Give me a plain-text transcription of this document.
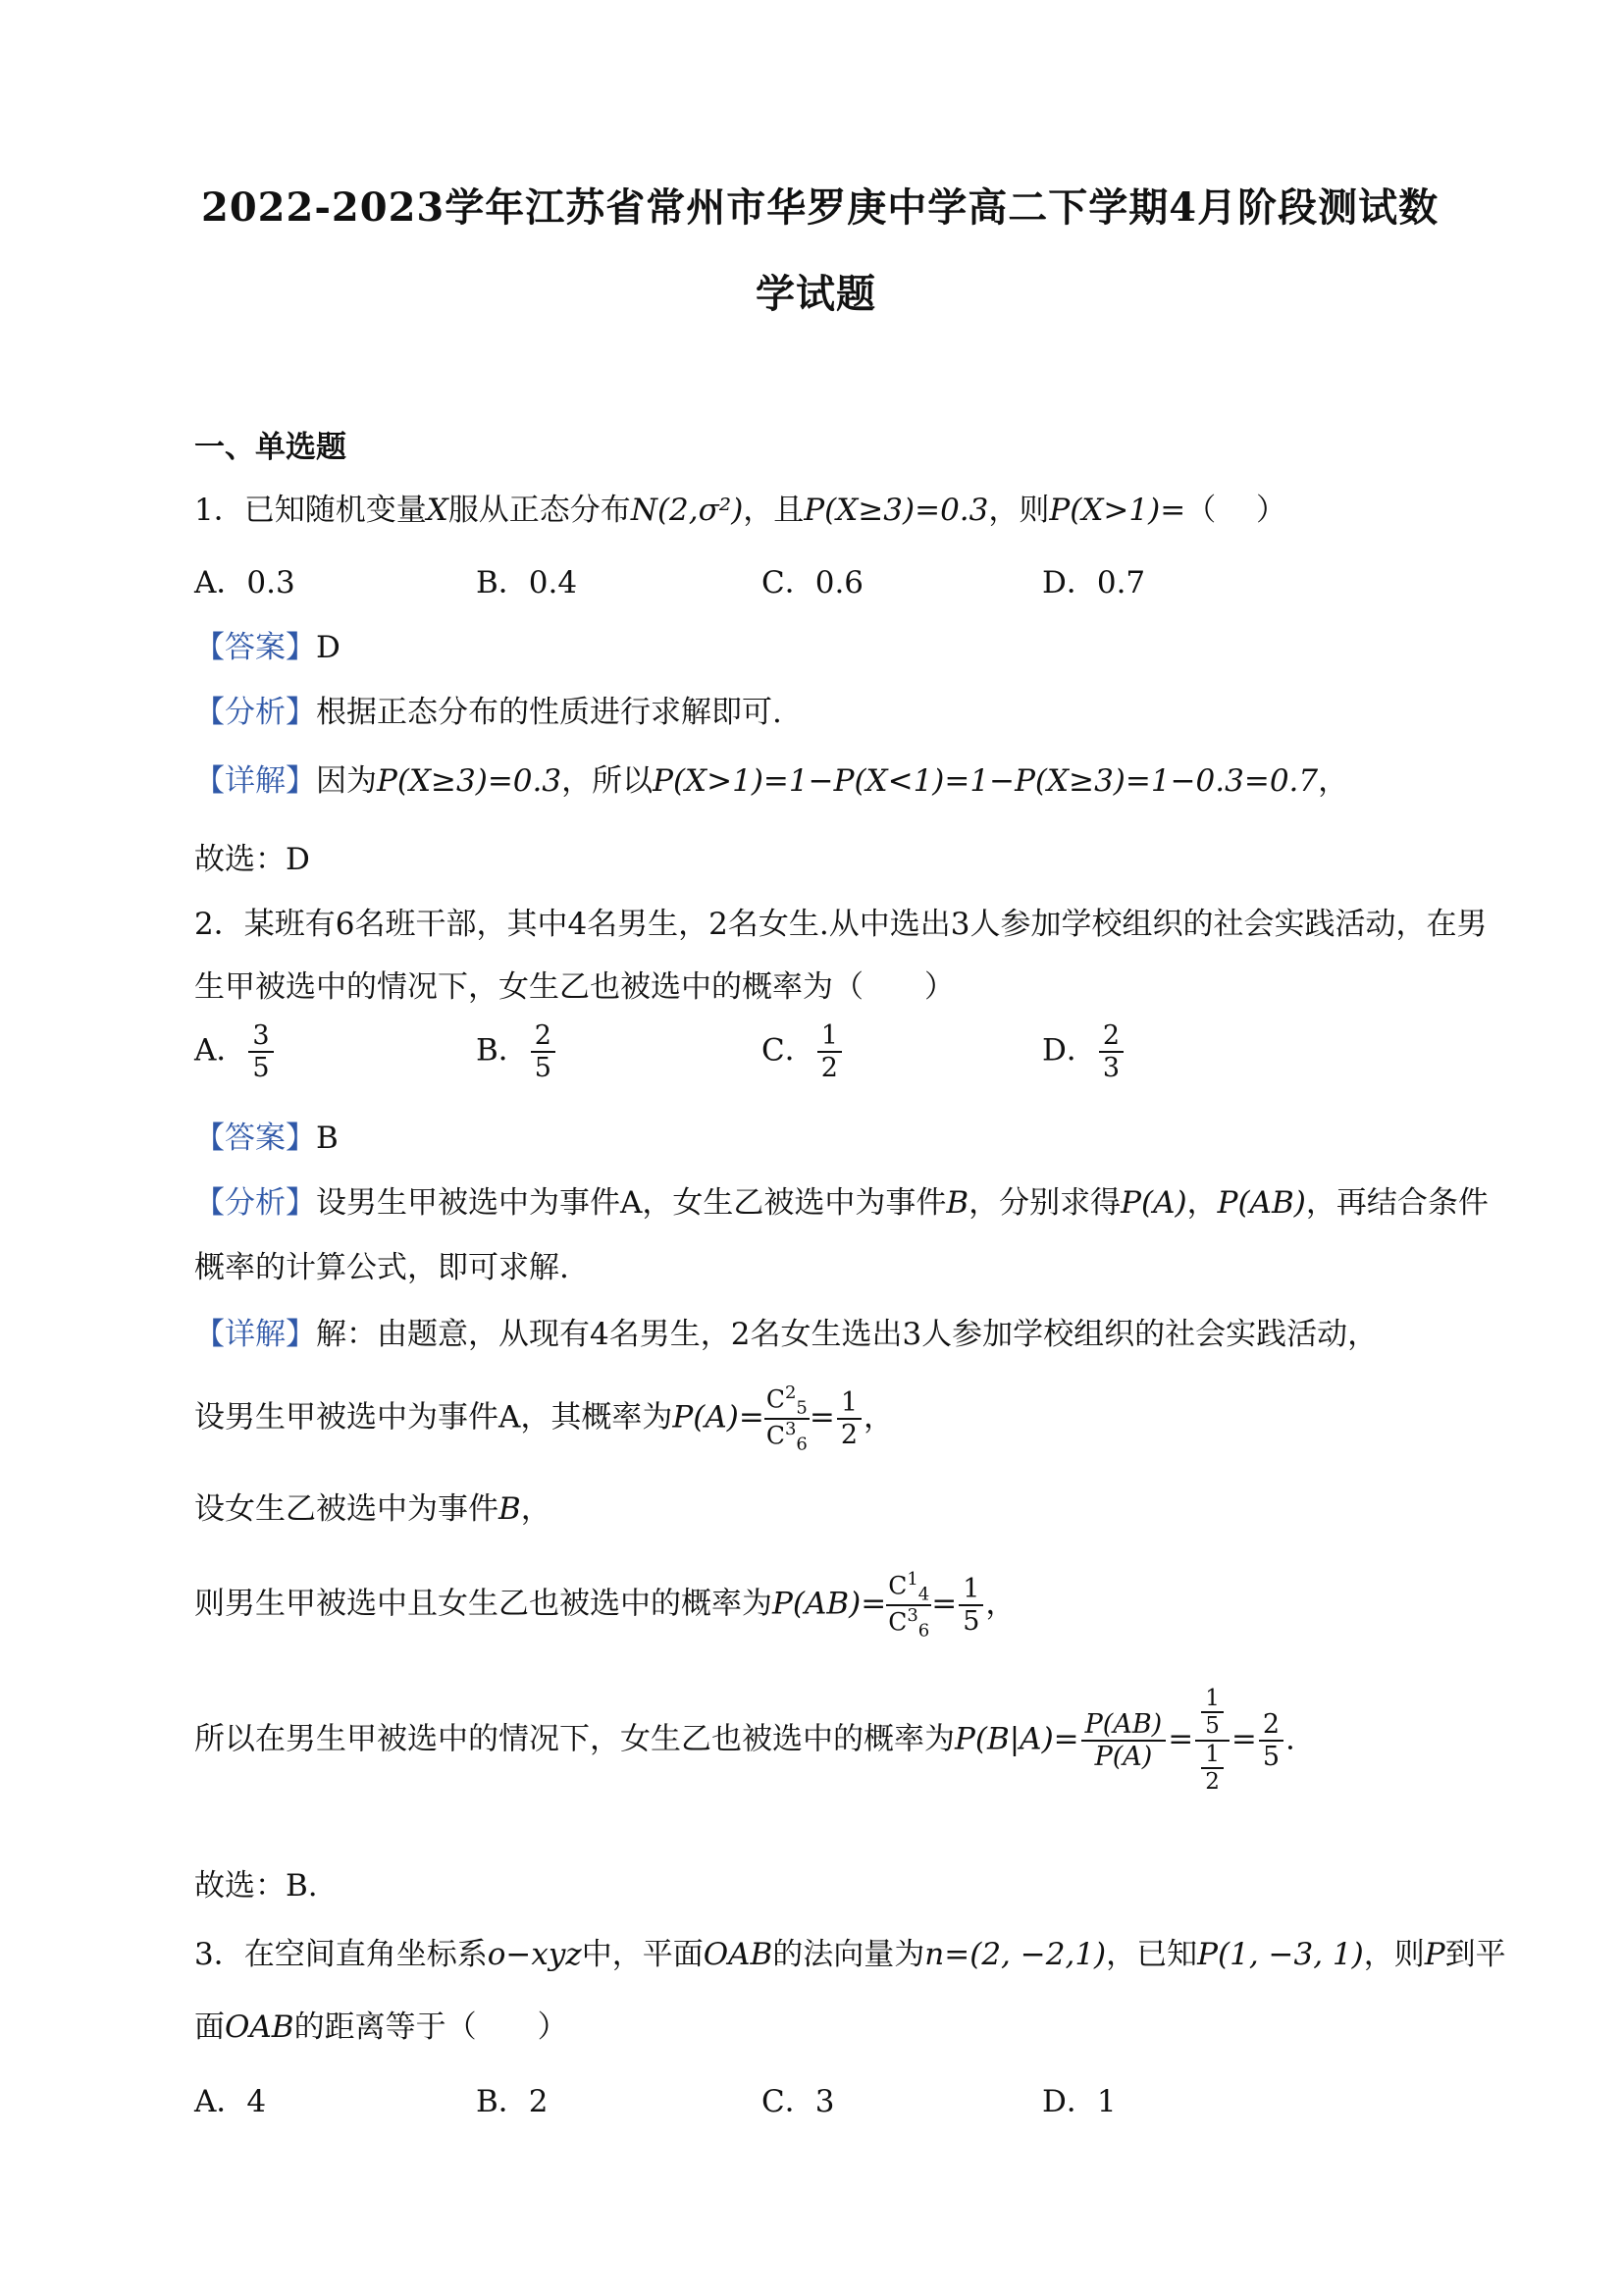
2022-2023学年江苏省常州市华罗庚中学高二下学期4月阶段测试数
学试题
一、单选题
1．已知随机变量X服从正态分布N(2,σ²)，且P(X≥3)=0.3，则P(X>1)=（　 ）
A．0.3	B．0.4	C．0.6	D．0.7
【答案】D
【分析】根据正态分布的性质进行求解即可.
【详解】因为P(X≥3)=0.3，所以P(X>1)=1−P(X<1)=1−P(X≥3)=1−0.3=0.7，
故选：D
2．某班有6名班干部，其中4名男生，2名女生.从中选出3人参加学校组织的社会实践活动，在男
生甲被选中的情况下，女生乙也被选中的概率为（　　）
A． $\frac{3}{5}$	B． $\frac{2}{5}$	C． $\frac{1}{2}$	D． $\frac{2}{3}$
【答案】B
【分析】设男生甲被选中为事件A，女生乙被选中为事件B，分别求得P(A)，P(AB)，再结合条件
概率的计算公式，即可求解.
【详解】解：由题意，从现有4名男生，2名女生选出3人参加学校组织的社会实践活动，
设男生甲被选中为事件A，其概率为$P(A)= \frac{C^2_5}{C^3_6} = \frac{1}{2}$ ，
设女生乙被选中为事件B，
则男生甲被选中且女生乙也被选中的概率为$P(AB)= \frac{C^1_4}{C^3_6} = \frac{1}{5}$ ，
所以在男生甲被选中的情况下，女生乙也被选中的概率为$P(B|A)= \frac{P(AB)}{P(A)} = \frac{\frac{1}{5}}{\frac{1}{2}} = \frac{2}{5}$ .
故选：B.
3．在空间直角坐标系o−xyz中，平面OAB的法向量为n=(2, −2,1)，已知P(1, −3, 1)，则P到平
面OAB的距离等于（　　）
A．4	B．2	C．3	D．1
